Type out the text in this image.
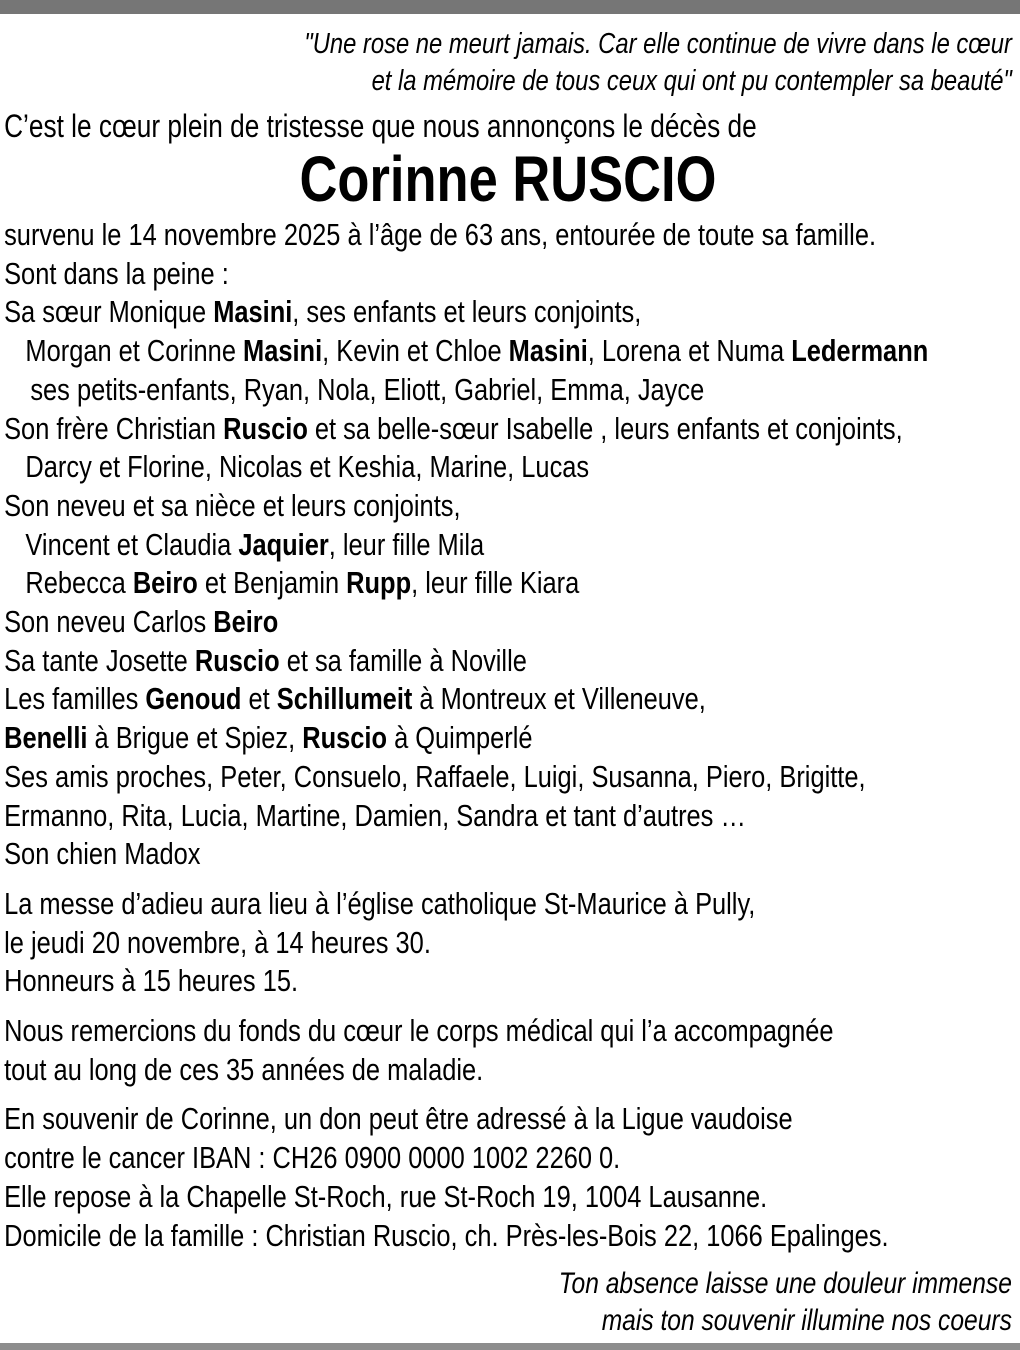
"Une rose ne meurt jamais. Car elle continue de vivre dans le cœur
et la mémoire de tous ceux qui ont pu contempler sa beauté"
C’est le cœur plein de tristesse que nous annonçons le décès de
Corinne RUSCIO
survenu le 14 novembre 2025 à l’âge de 63 ans, entourée de toute sa famille.
Sont dans la peine :
Sa sœur Monique Masini, ses enfants et leurs conjoints,
Morgan et Corinne Masini, Kevin et Chloe Masini, Lorena et Numa Ledermann
ses petits-enfants, Ryan, Nola, Eliott, Gabriel, Emma, Jayce
Son frère Christian Ruscio et sa belle-sœur Isabelle , leurs enfants et conjoints,
Darcy et Florine, Nicolas et Keshia, Marine, Lucas
Son neveu et sa nièce et leurs conjoints,
Vincent et Claudia Jaquier, leur fille Mila
Rebecca Beiro et Benjamin Rupp, leur fille Kiara
Son neveu Carlos Beiro
Sa tante Josette Ruscio et sa famille à Noville
Les familles Genoud et Schillumeit à Montreux et Villeneuve,
Benelli à Brigue et Spiez, Ruscio à Quimperlé
Ses amis proches, Peter, Consuelo, Raffaele, Luigi, Susanna, Piero, Brigitte,
Ermanno, Rita, Lucia, Martine, Damien, Sandra et tant d’autres …
Son chien Madox
La messe d’adieu aura lieu à l’église catholique St-Maurice à Pully,
le jeudi 20 novembre, à 14 heures 30.
Honneurs à 15 heures 15.
Nous remercions du fonds du cœur le corps médical qui l’a accompagnée
tout au long de ces 35 années de maladie.
En souvenir de Corinne, un don peut être adressé à la Ligue vaudoise
contre le cancer IBAN : CH26 0900 0000 1002 2260 0.
Elle repose à la Chapelle St-Roch, rue St-Roch 19, 1004 Lausanne.
Domicile de la famille : Christian Ruscio, ch. Près-les-Bois 22, 1066 Epalinges.
Ton absence laisse une douleur immense
mais ton souvenir illumine nos coeurs
